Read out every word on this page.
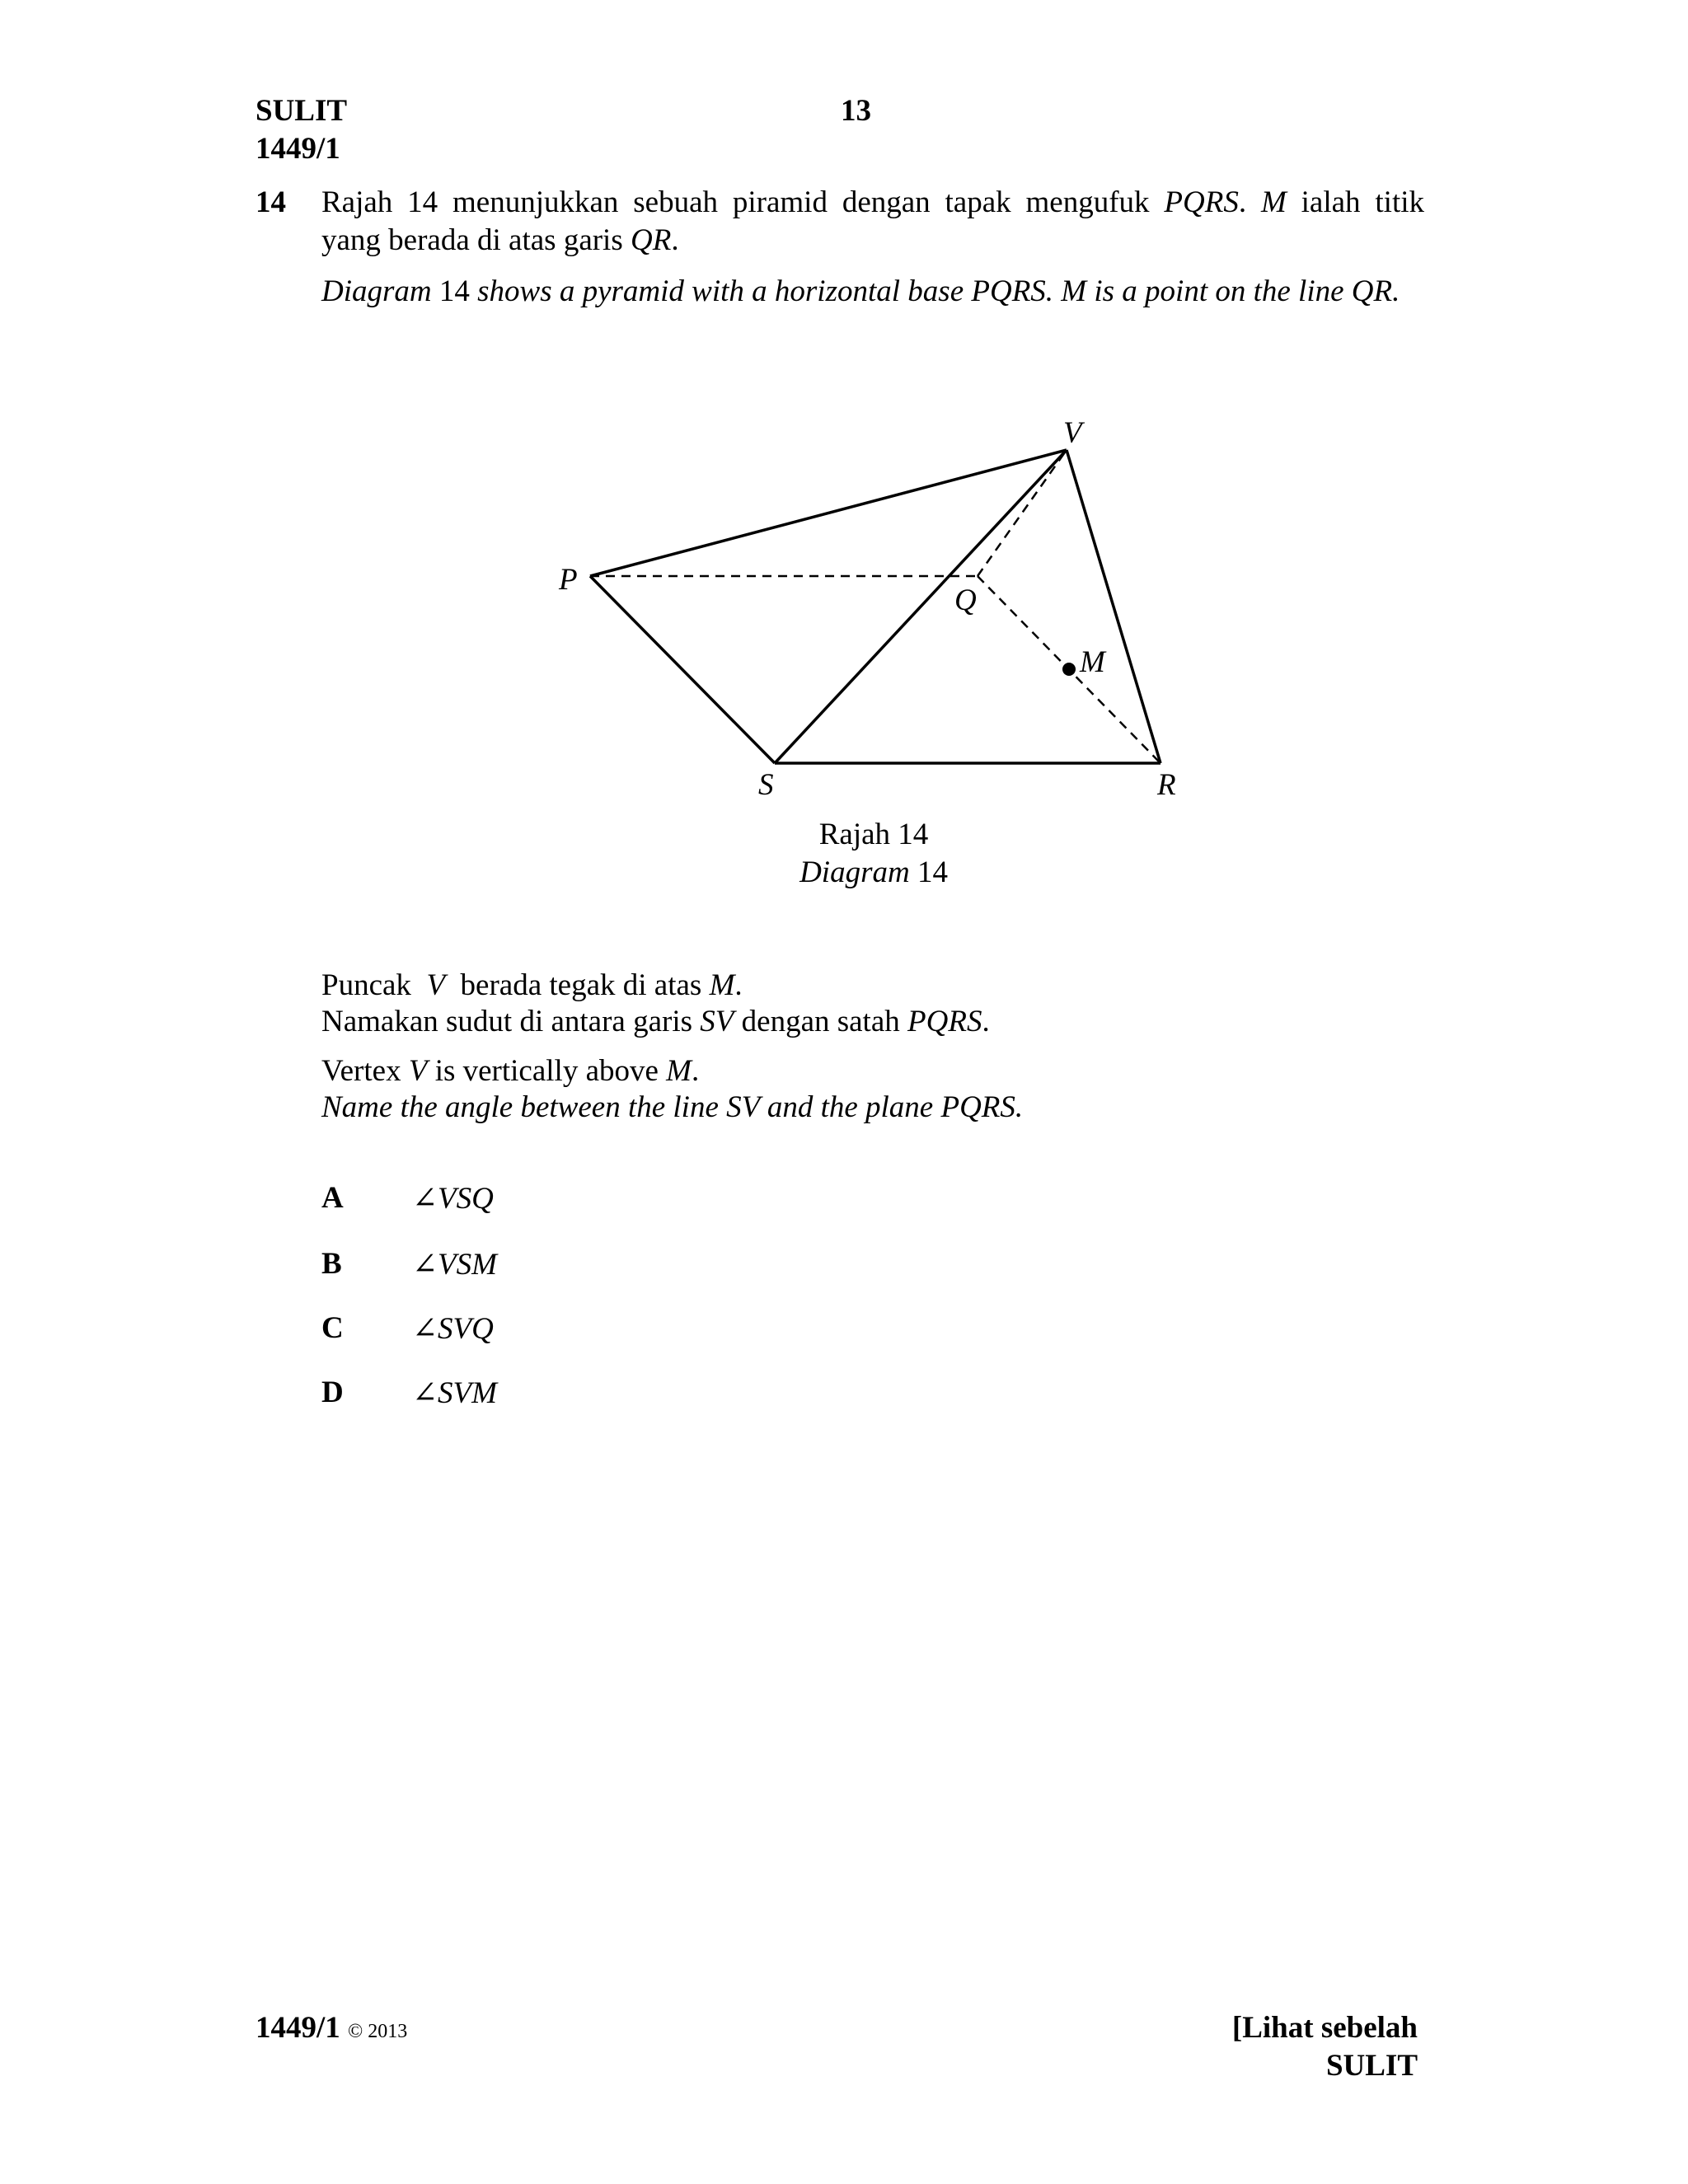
SULIT
1449/1
13
14 Rajah 14 menunjukkan sebuah piramid dengan tapak mengufuk PQRS. M ialah titik
yang berada di atas garis QR.
Diagram 14 shows a pyramid with a horizontal base PQRS. M is a point on the line QR.
V
P
Q
M
S	R
Rajah 14
Diagram 14
Puncak  V  berada tegak di atas M.
Namakan sudut di antara garis SV dengan satah PQRS.
Vertex V is vertically above M.
Name the angle between the line SV and the plane PQRS.
A ∠VSQ
B ∠VSM
C ∠SVQ
D ∠SVM
1449/1 © 2013	[Lihat sebelah
SULIT
